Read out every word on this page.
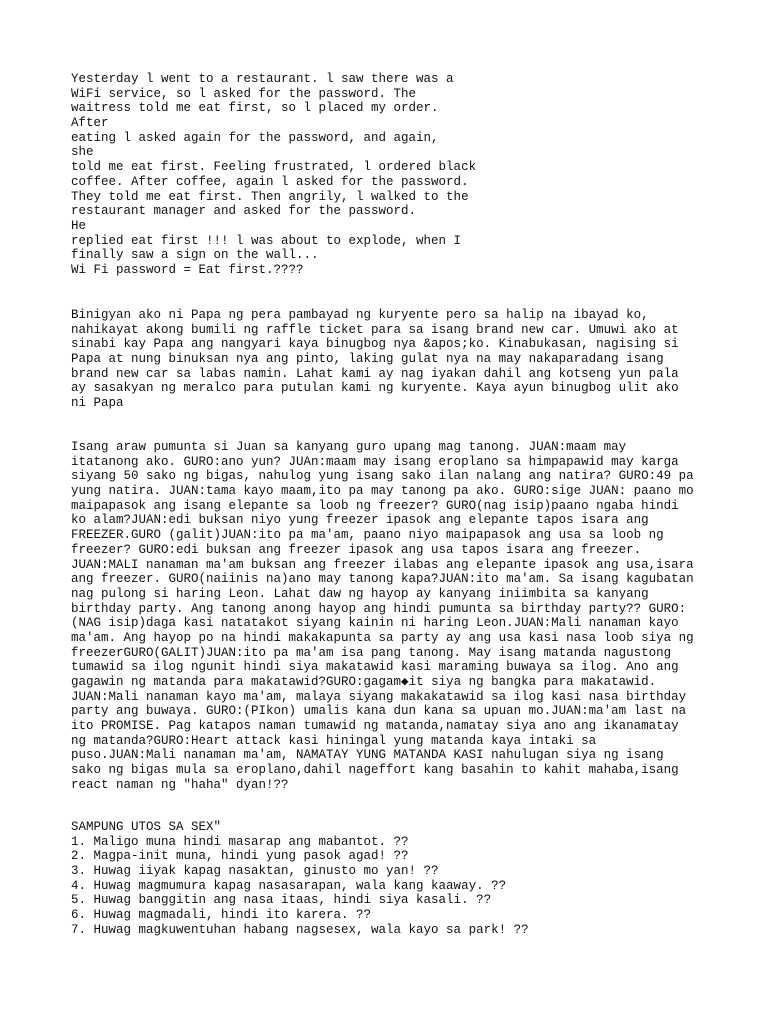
Yesterday l went to a restaurant. l saw there was a
WiFi service, so l asked for the password. The
waitress told me eat first, so l placed my order.
After
eating l asked again for the password, and again,
she
told me eat first. Feeling frustrated, l ordered black
coffee. After coffee, again l asked for the password.
They told me eat first. Then angrily, l walked to the
restaurant manager and asked for the password.
He
replied eat first !!! l was about to explode, when I
finally saw a sign on the wall...
Wi Fi password = Eat first.????
Binigyan ako ni Papa ng pera pambayad ng kuryente pero sa halip na ibayad ko,
nahikayat akong bumili ng raffle ticket para sa isang brand new car. Umuwi ako at
sinabi kay Papa ang nangyari kaya binugbog nya &apos;ko. Kinabukasan, nagising si
Papa at nung binuksan nya ang pinto, laking gulat nya na may nakaparadang isang
brand new car sa labas namin. Lahat kami ay nag iyakan dahil ang kotseng yun pala
ay sasakyan ng meralco para putulan kami ng kuryente. Kaya ayun binugbog ulit ako
ni Papa
Isang araw pumunta si Juan sa kanyang guro upang mag tanong. JUAN:maam may
itatanong ako. GURO:ano yun? JUAn:maam may isang eroplano sa himpapawid may karga
siyang 50 sako ng bigas, nahulog yung isang sako ilan nalang ang natira? GURO:49 pa
yung natira. JUAN:tama kayo maam,ito pa may tanong pa ako. GURO:sige JUAN: paano mo
maipapasok ang isang elepante sa loob ng freezer? GURO(nag isip)paano ngaba hindi
ko alam?JUAN:edi buksan niyo yung freezer ipasok ang elepante tapos isara ang
FREEZER.GURO (galit)JUAN:ito pa ma'am, paano niyo maipapasok ang usa sa loob ng
freezer? GURO:edi buksan ang freezer ipasok ang usa tapos isara ang freezer.
JUAN:MALI nanaman ma'am buksan ang freezer ilabas ang elepante ipasok ang usa,isara
ang freezer. GURO(naiinis na)ano may tanong kapa?JUAN:ito ma'am. Sa isang kagubatan
nag pulong si haring Leon. Lahat daw ng hayop ay kanyang iniimbita sa kanyang
birthday party. Ang tanong anong hayop ang hindi pumunta sa birthday party?? GURO:
(NAG isip)daga kasi natatakot siyang kainin ni haring Leon.JUAN:Mali nanaman kayo
ma'am. Ang hayop po na hindi makakapunta sa party ay ang usa kasi nasa loob siya ng
freezerGURO(GALIT)JUAN:ito pa ma'am isa pang tanong. May isang matanda nagustong
tumawid sa ilog ngunit hindi siya makatawid kasi maraming buwaya sa ilog. Ano ang
gagawin ng matanda para makatawid?GURO:gagam◆it siya ng bangka para makatawid.
JUAN:Mali nanaman kayo ma'am, malaya siyang makakatawid sa ilog kasi nasa birthday
party ang buwaya. GURO:(PIkon) umalis kana dun kana sa upuan mo.JUAN:ma'am last na
ito PROMISE. Pag katapos naman tumawid ng matanda,namatay siya ano ang ikanamatay
ng matanda?GURO:Heart attack kasi hiningal yung matanda kaya intaki sa
puso.JUAN:Mali nanaman ma'am, NAMATAY YUNG MATANDA KASI nahulugan siya ng isang
sako ng bigas mula sa eroplano,dahil nageffort kang basahin to kahit mahaba,isang
react naman ng "haha" dyan!??
SAMPUNG UTOS SA SEX"
1. Maligo muna hindi masarap ang mabantot. ??
2. Magpa-init muna, hindi yung pasok agad! ??
3. Huwag iiyak kapag nasaktan, ginusto mo yan! ??
4. Huwag magmumura kapag nasasarapan, wala kang kaaway. ??
5. Huwag banggitin ang nasa itaas, hindi siya kasali. ??
6. Huwag magmadali, hindi ito karera. ??
7. Huwag magkuwentuhan habang nagsesex, wala kayo sa park! ??
